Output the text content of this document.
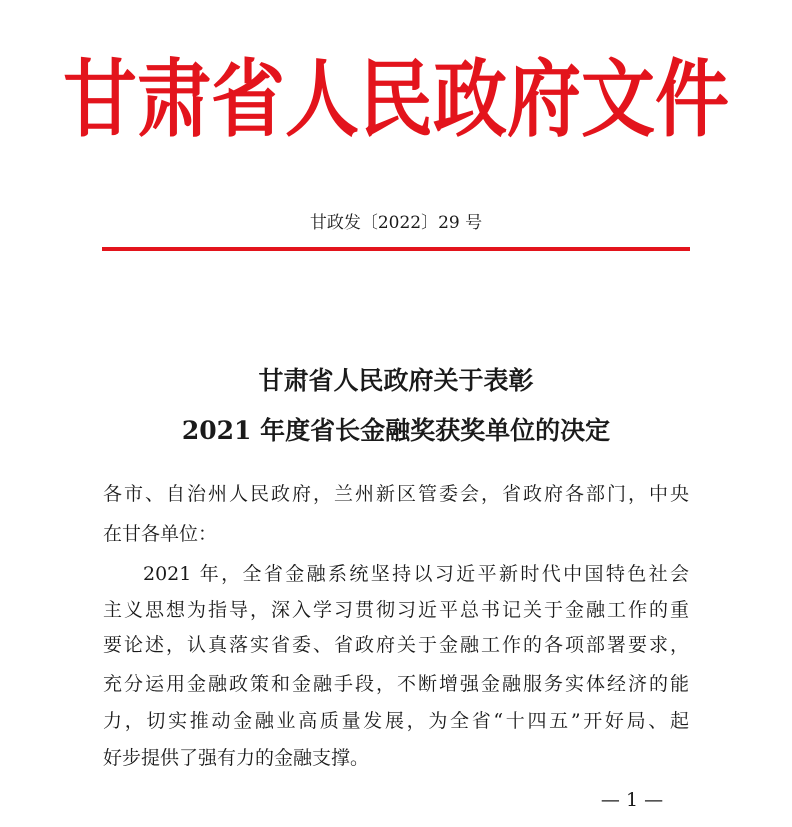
甘肃省人民政府文件
甘政发〔2022〕29 号
甘肃省人民政府关于表彰
2021 年度省长金融奖获奖单位的决定
各市、自治州人民政府，兰州新区管委会，省政府各部门，中央
在甘各单位：
2021 年，全省金融系统坚持以习近平新时代中国特色社会
主义思想为指导，深入学习贯彻习近平总书记关于金融工作的重
要论述，认真落实省委、省政府关于金融工作的各项部署要求，
充分运用金融政策和金融手段，不断增强金融服务实体经济的能
力，切实推动金融业高质量发展，为全省“十四五”开好局、起
好步提供了强有力的金融支撑。
— 1 —
